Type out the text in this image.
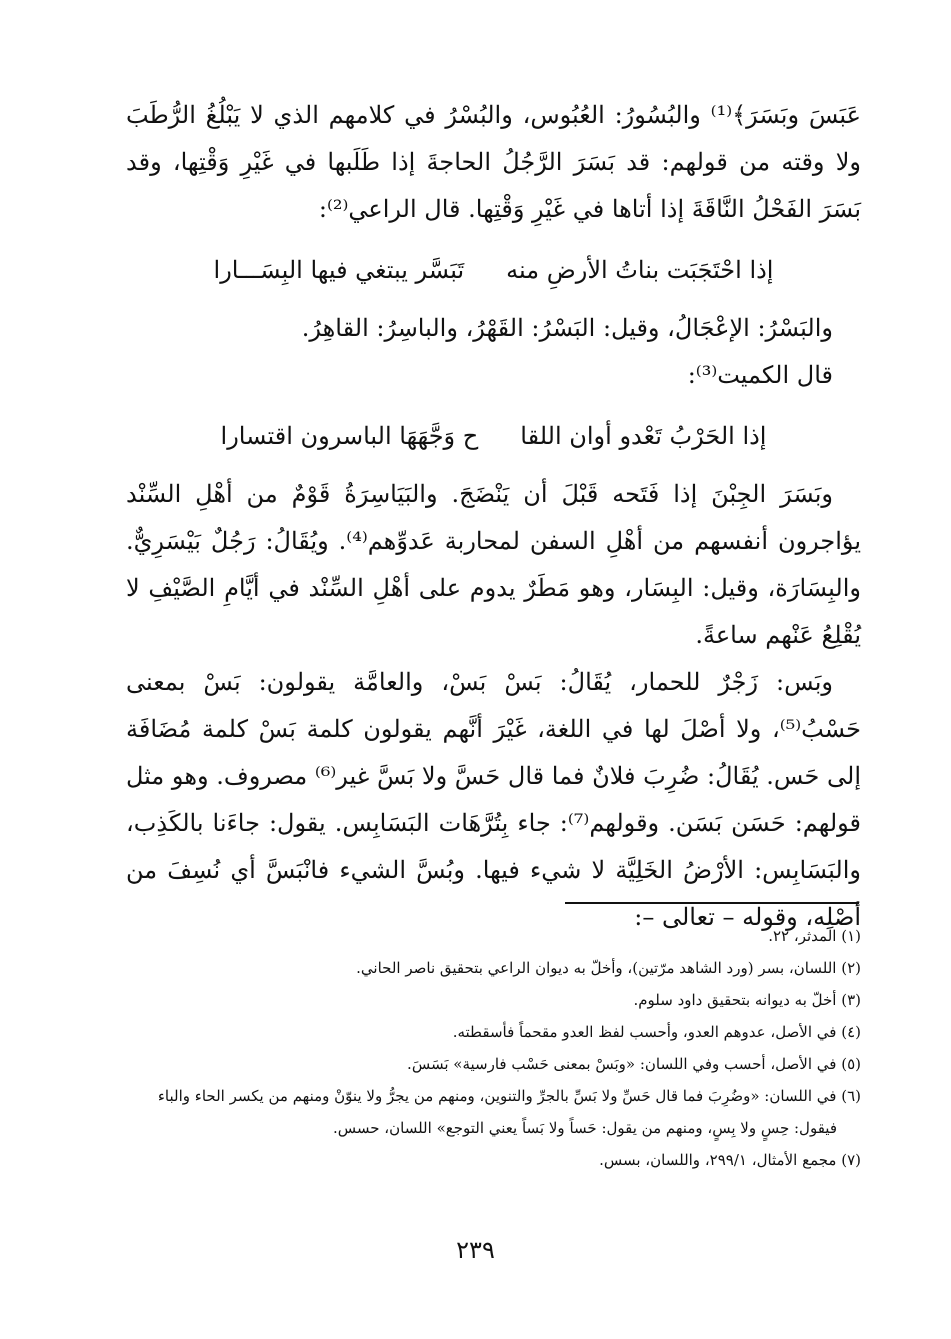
عَبَسَ وبَسَرَ﴾⁽¹⁾ والبُسُورُ: العُبُوس، والبُسْرُ في كلامهم الذي لا يَبْلُغُ الرُّطَبَ ولا وقته من قولهم: قد بَسَرَ الرَّجُلُ الحاجةَ إذا طَلَبها في غَيْرِ وَقْتِها، وقد بَسَرَ الفَحْلُ النَّاقَةَ إذا أتاها في غَيْرِ وَقْتِها. قال الراعي⁽²⁾:

إذا احْتَجَبَت بناتُ الأرضِ منه
تَبَسَّر يبتغي فيها البِسَـــارا

والبَسْرُ: الإعْجَالُ، وقيل: البَسْرُ: القَهْرُ، والباسِرُ: القاهِرُ.

قال الكميت⁽³⁾:

إذا الحَرْبُ تَعْدو أوان اللقا
ح وَجَّهَهَا الباسرون اقتسارا

وبَسَرَ الجِبْنَ إذا فَتَحه قَبْلَ أن يَنْضَجَ. والبَيَاسِرَةُ قَوْمٌ من أهْلِ السِّنْد يؤاجرون أنفسهم من أهْلِ السفن لمحاربة عَدوِّهم⁽⁴⁾. ويُقَالُ: رَجُلٌ بَيْسَرِيٌّ. والبِسَارَة، وقيل: البِسَار، وهو مَطَرٌ يدوم على أهْلِ السِّنْد في أيَّامِ الصَّيْفِ لا يُقْلِعُ عَنْهم ساعةً.

وبَس: زَجْرٌ للحمار، يُقَالُ: بَسْ بَسْ، والعامَّة يقولون: بَسْ بمعنى حَسْبُ⁽⁵⁾، ولا أصْلَ لها في اللغة، غَيْرَ أنَّهم يقولون كلمة بَسْ كلمة مُضَافَة إلى حَس. يُقَالُ: ضُرِبَ فلانٌ فما قال حَسَّ ولا بَسَّ غير⁽⁶⁾ مصروف. وهو مثل قولهم: حَسَن بَسَن. وقولهم⁽⁷⁾: جاء بِتُرَّهَات البَسَابِس. يقول: جاءَنا بالكَذِب، والبَسَابِس: الأرْضُ الخَلِيَّة لا شيء فيها. وبُسَّ الشيء فانْبَسَّ أي نُسِفَ من أصْلِه، وقوله – تعالى –:

(١) المدثر، ٢٢.

(٢) اللسان، بسر (ورد الشاهد مرّتين)، وأخلّ به ديوان الراعي بتحقيق ناصر الحاني.

(٣) أخلّ به ديوانه بتحقيق داود سلوم.

(٤) في الأصل، عدوهم العدو، وأحسب لفظ العدو مقحماً فأسقطته.

(٥) في الأصل، أحسب وفي اللسان: «وبَسْ بمعنى حَسْب فارسية» بَسَسَ.

(٦) في اللسان: «وضُرِبَ فما قال حَسِّ ولا بَسِّ بالجرِّ والتنوين، ومنهم من يجرُّ ولا ينوّنْ ومنهم من يكسر الحاء والباء

فيقول: حِسٍ ولا بِسٍ، ومنهم من يقول: حَساً ولا بَساً يعني التوجع» اللسان، حسس.

(٧) مجمع الأمثال، ٢٩٩/١، واللسان، بسس.

٢٣٩
